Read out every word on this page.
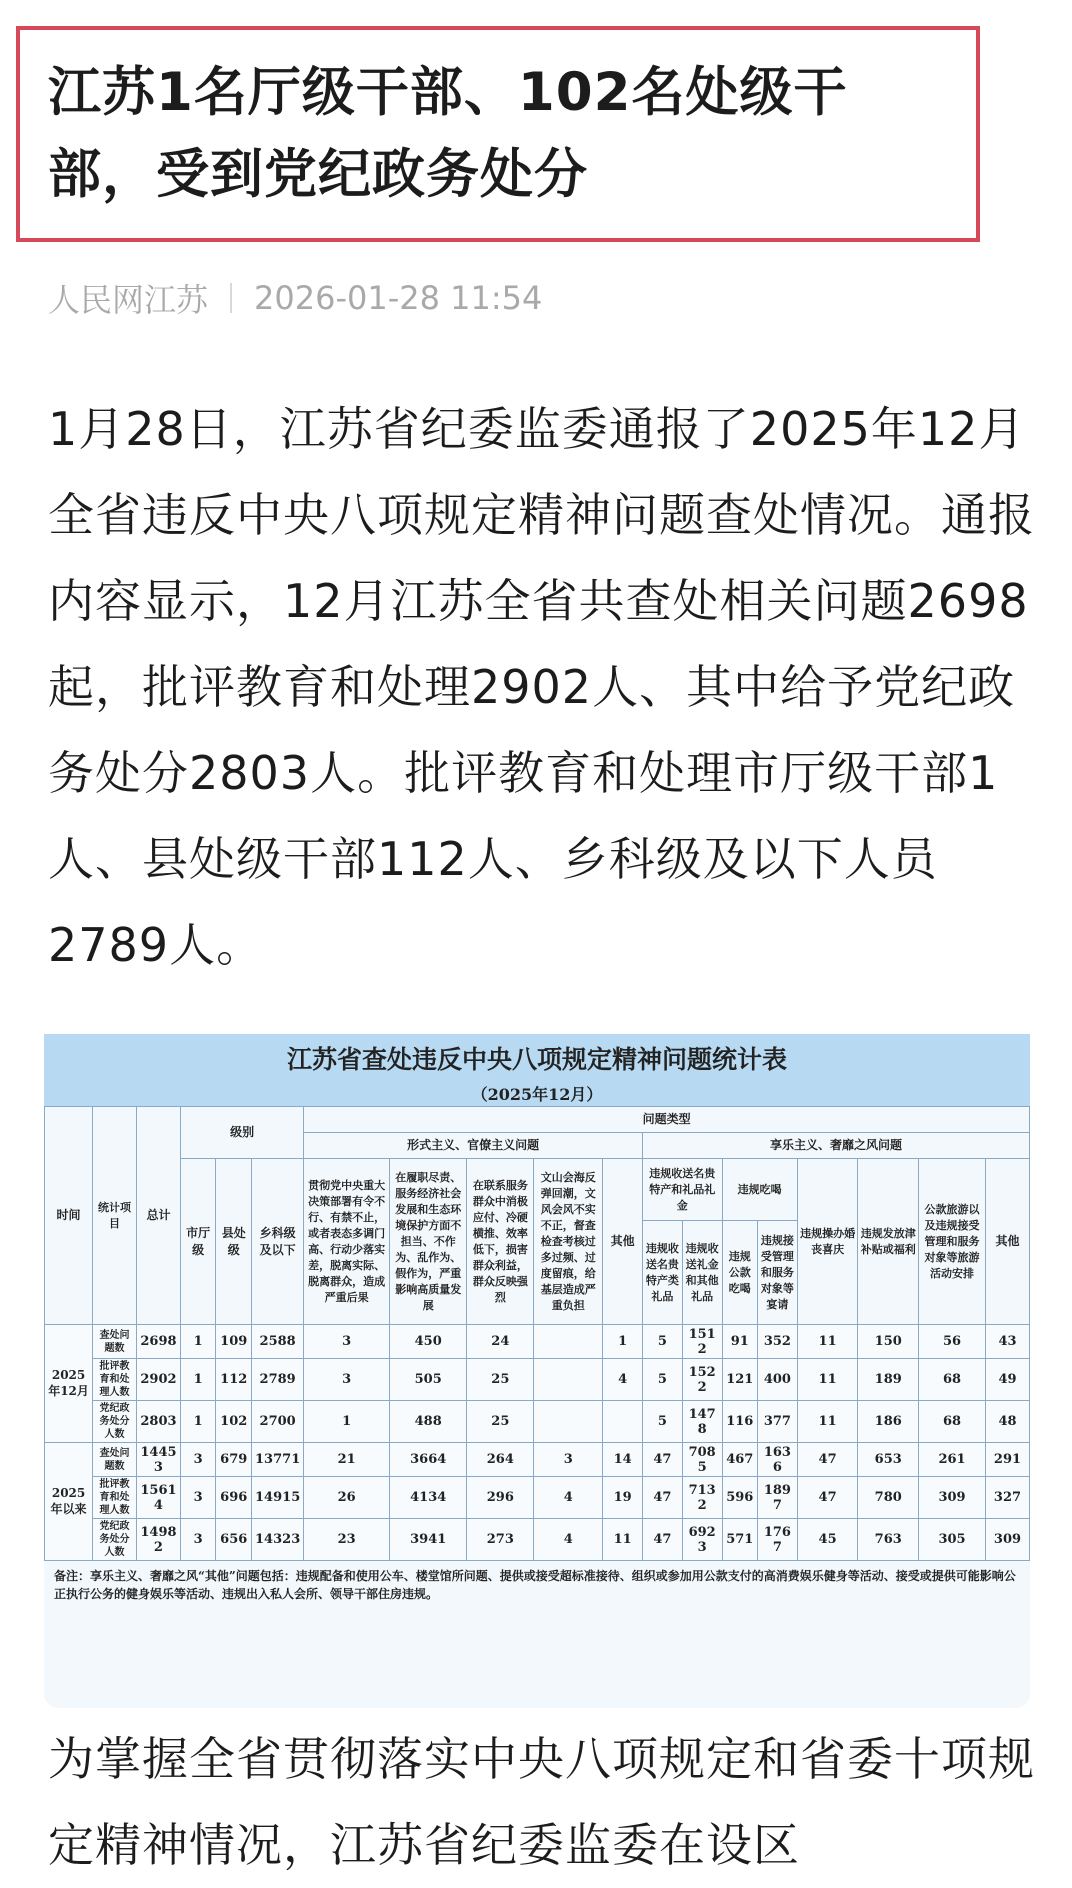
江苏1名厅级干部、102名处级干部，受到党纪政务处分
人民网江苏 2026-01-28 11:54

1月28日，江苏省纪委监委通报了2025年12月全省违反中央八项规定精神问题查处情况。通报内容显示，12月江苏全省共查处相关问题2698起，批评教育和处理2902人、其中给予党纪政务处分2803人。批评教育和处理市厅级干部1人、县处级干部112人、乡科级及以下人员2789人。

江苏省查处违反中央八项规定精神问题统计表
（2025年12月）
时间	统计项目	总计	级别			问题类型												
						形式主义、官僚主义问题					享乐主义、奢靡之风问题							
			市厅级	县处级	乡科级及以下	贯彻党中央重大决策部署有令不行、有禁不止，或者表态多调门高、行动少落实差，脱离实际、脱离群众，造成严重后果	在履职尽责、服务经济社会发展和生态环境保护方面不担当、不作为、乱作为、假作为，严重影响高质量发展	在联系服务群众中消极应付、冷硬横推、效率低下，损害群众利益，群众反映强烈	文山会海反弹回潮，文风会风不实不正，督查检查考核过多过频、过度留痕，给基层造成严重负担	其他	违规收送名贵特产和礼品礼金		违规吃喝		违规操办婚丧喜庆	违规发放津补贴或福利	公款旅游以及违规接受管理和服务对象等旅游活动安排	其他
											违规收送名贵特产类礼品	违规收送礼金和其他礼品	违规公款吃喝	违规接受管理和服务对象等宴请				
2025年12月	查处问题数	2698	1	109	2588	3	450	24		1	5	1512	91	352	11	150	56	43
	批评教育和处理人数	2902	1	112	2789	3	505	25		4	5	1522	121	400	11	189	68	49
	党纪政务处分人数	2803	1	102	2700	1	488	25			5	1478	116	377	11	186	68	48
2025年以来	查处问题数	14453	3	679	13771	21	3664	264	3	14	47	7085	467	1636	47	653	261	291
	批评教育和处理人数	15614	3	696	14915	26	4134	296	4	19	47	7132	596	1897	47	780	309	327
	党纪政务处分人数	14982	3	656	14323	23	3941	273	4	11	47	6923	571	1767	45	763	305	309
备注：享乐主义、奢靡之风“其他”问题包括：违规配备和使用公车、楼堂馆所问题、提供或接受超标准接待、组织或参加用公款支付的高消费娱乐健身等活动、接受或提供可能影响公正执行公务的健身娱乐等活动、违规出入私人会所、领导干部住房违规。

为掌握全省贯彻落实中央八项规定和省委十项规定精神情况，江苏省纪委监委在设区
